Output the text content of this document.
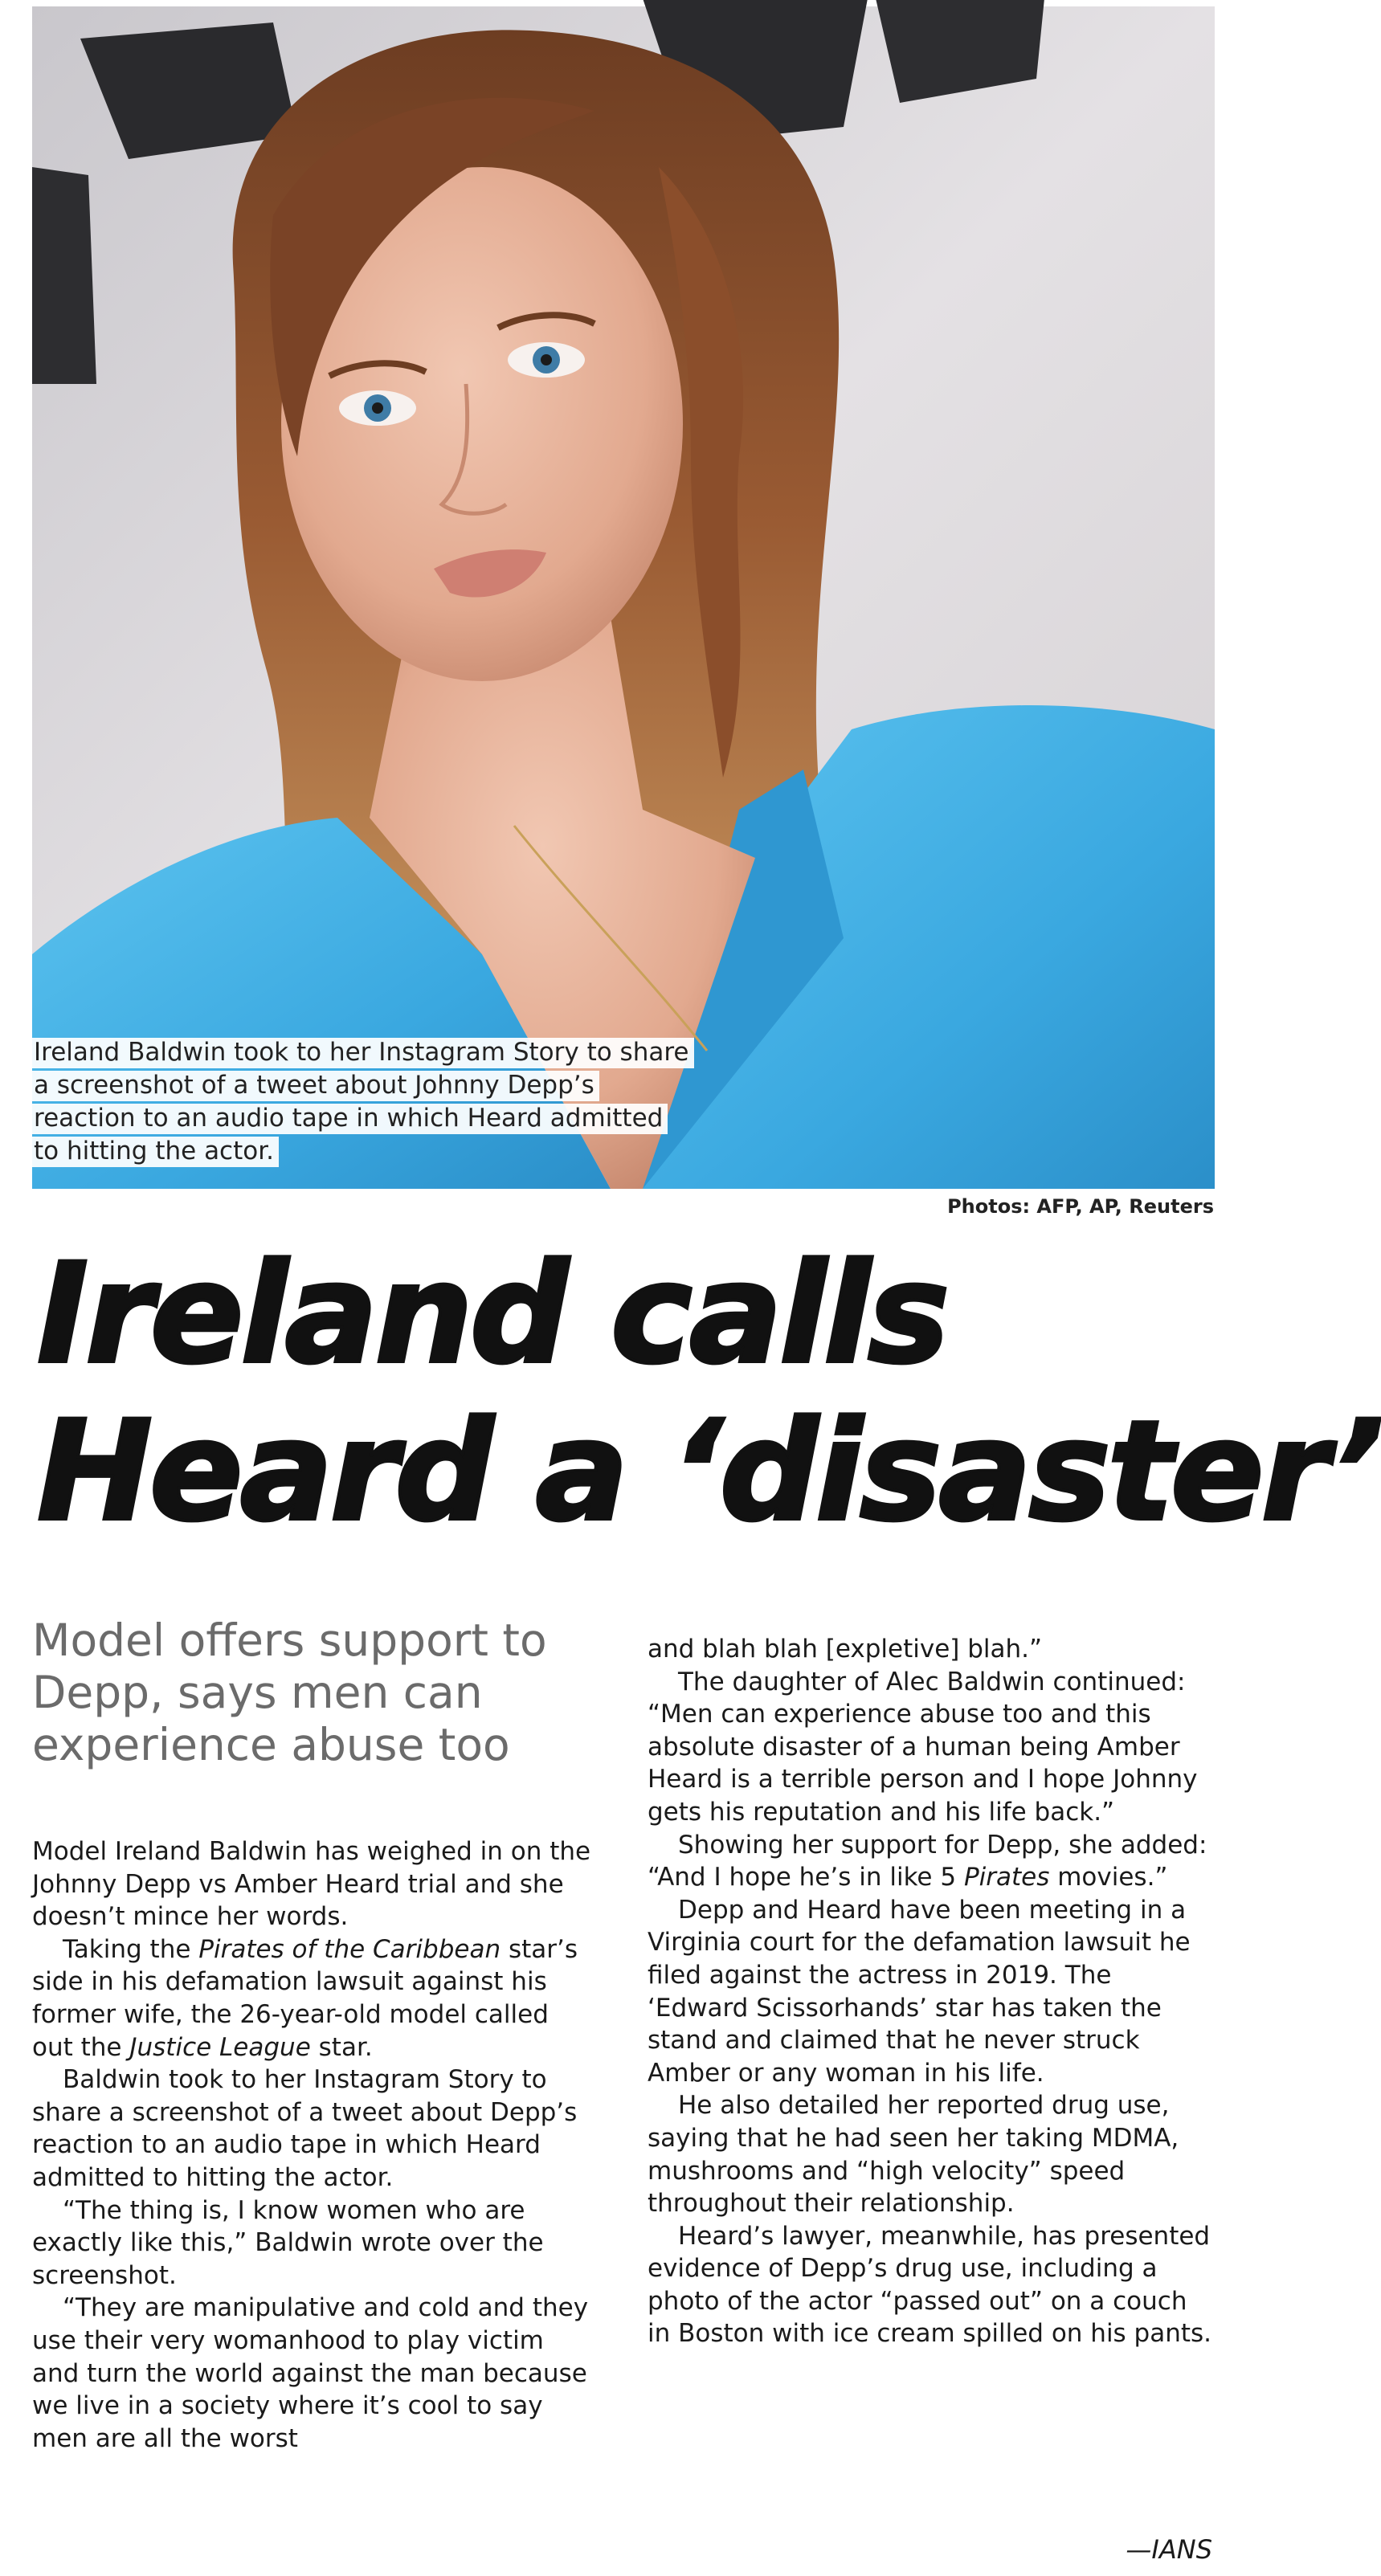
Ireland Baldwin took to her Instagram Story to share a screenshot of a tweet about Johnny Depp’s reaction to an audio tape in which Heard admitted to hitting the actor.
Photos: AFP, AP, Reuters
Ireland calls
Heard a ‘disaster’
Model offers support to Depp, says men can experience abuse too

Model Ireland Baldwin has weighed in on the Johnny Depp vs Amber Heard trial and she doesn’t mince her words.

Taking the Pirates of the Caribbean star’s side in his defamation lawsuit against his former wife, the 26-year-old model called out the Justice League star.

Baldwin took to her Instagram Story to share a screenshot of a tweet about Depp’s reaction to an audio tape in which Heard admitted to hitting the actor.

“The thing is, I know women who are exactly like this,” Baldwin wrote over the screenshot.

“They are manipulative and cold and they use their very womanhood to play victim and turn the world against the man because we live in a society where it’s cool to say men are all the worst

and blah blah [expletive] blah.”

The daughter of Alec Baldwin continued: “Men can experience abuse too and this absolute disaster of a human being Amber Heard is a terrible person and I hope Johnny gets his reputation and his life back.”

Showing her support for Depp, she added: “And I hope he’s in like 5 Pirates movies.”

Depp and Heard have been meeting in a Virginia court for the defamation lawsuit he filed against the actress in 2019. The ‘Edward Scissorhands’ star has taken the stand and claimed that he never struck Amber or any woman in his life.

He also detailed her reported drug use, saying that he had seen her taking MDMA, mushrooms and “high velocity” speed throughout their relationship.

Heard’s lawyer, meanwhile, has presented evidence of Depp’s drug use, including a photo of the actor “passed out” on a couch in Boston with ice cream spilled on his pants.

—IANS
